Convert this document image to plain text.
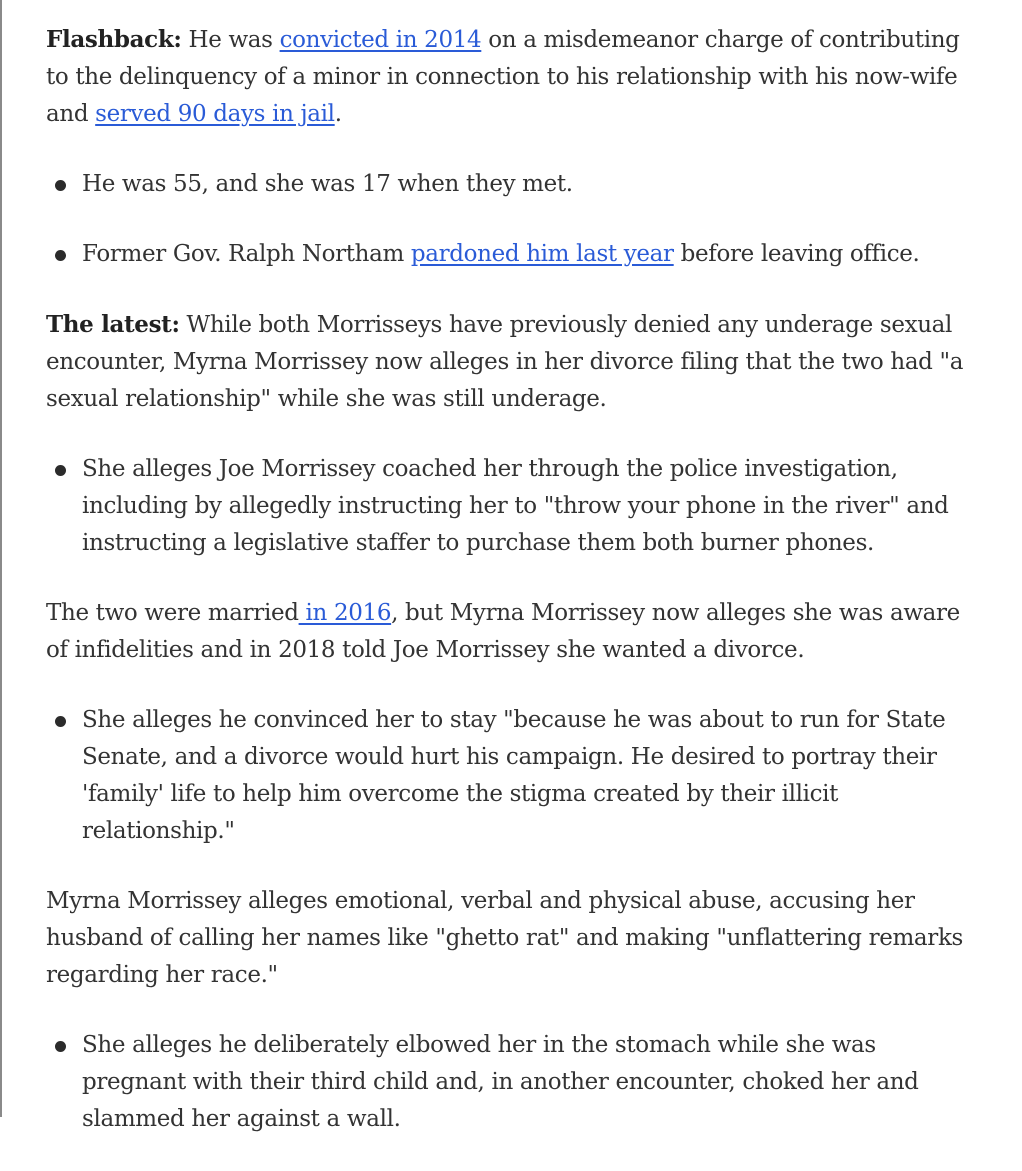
Flashback: He was convicted in 2014 on a misdemeanor charge of contributing to the delinquency of a minor in connection to his relationship with his now-wife and served 90 days in jail.

He was 55, and she was 17 when they met.
Former Gov. Ralph Northam pardoned him last year before leaving office.

The latest: While both Morrisseys have previously denied any underage sexual encounter, Myrna Morrissey now alleges in her divorce filing that the two had "a sexual relationship" while she was still underage.

She alleges Joe Morrissey coached her through the police investigation, including by allegedly instructing her to "throw your phone in the river" and instructing a legislative staffer to purchase them both burner phones.

The two were married in 2016, but Myrna Morrissey now alleges she was aware of infidelities and in 2018 told Joe Morrissey she wanted a divorce.

She alleges he convinced her to stay "because he was about to run for State Senate, and a divorce would hurt his campaign. He desired to portray their 'family' life to help him overcome the stigma created by their illicit relationship."

Myrna Morrissey alleges emotional, verbal and physical abuse, accusing her husband of calling her names like "ghetto rat" and making "unflattering remarks regarding her race."

She alleges he deliberately elbowed her in the stomach while she was pregnant with their third child and, in another encounter, choked her and slammed her against a wall.
